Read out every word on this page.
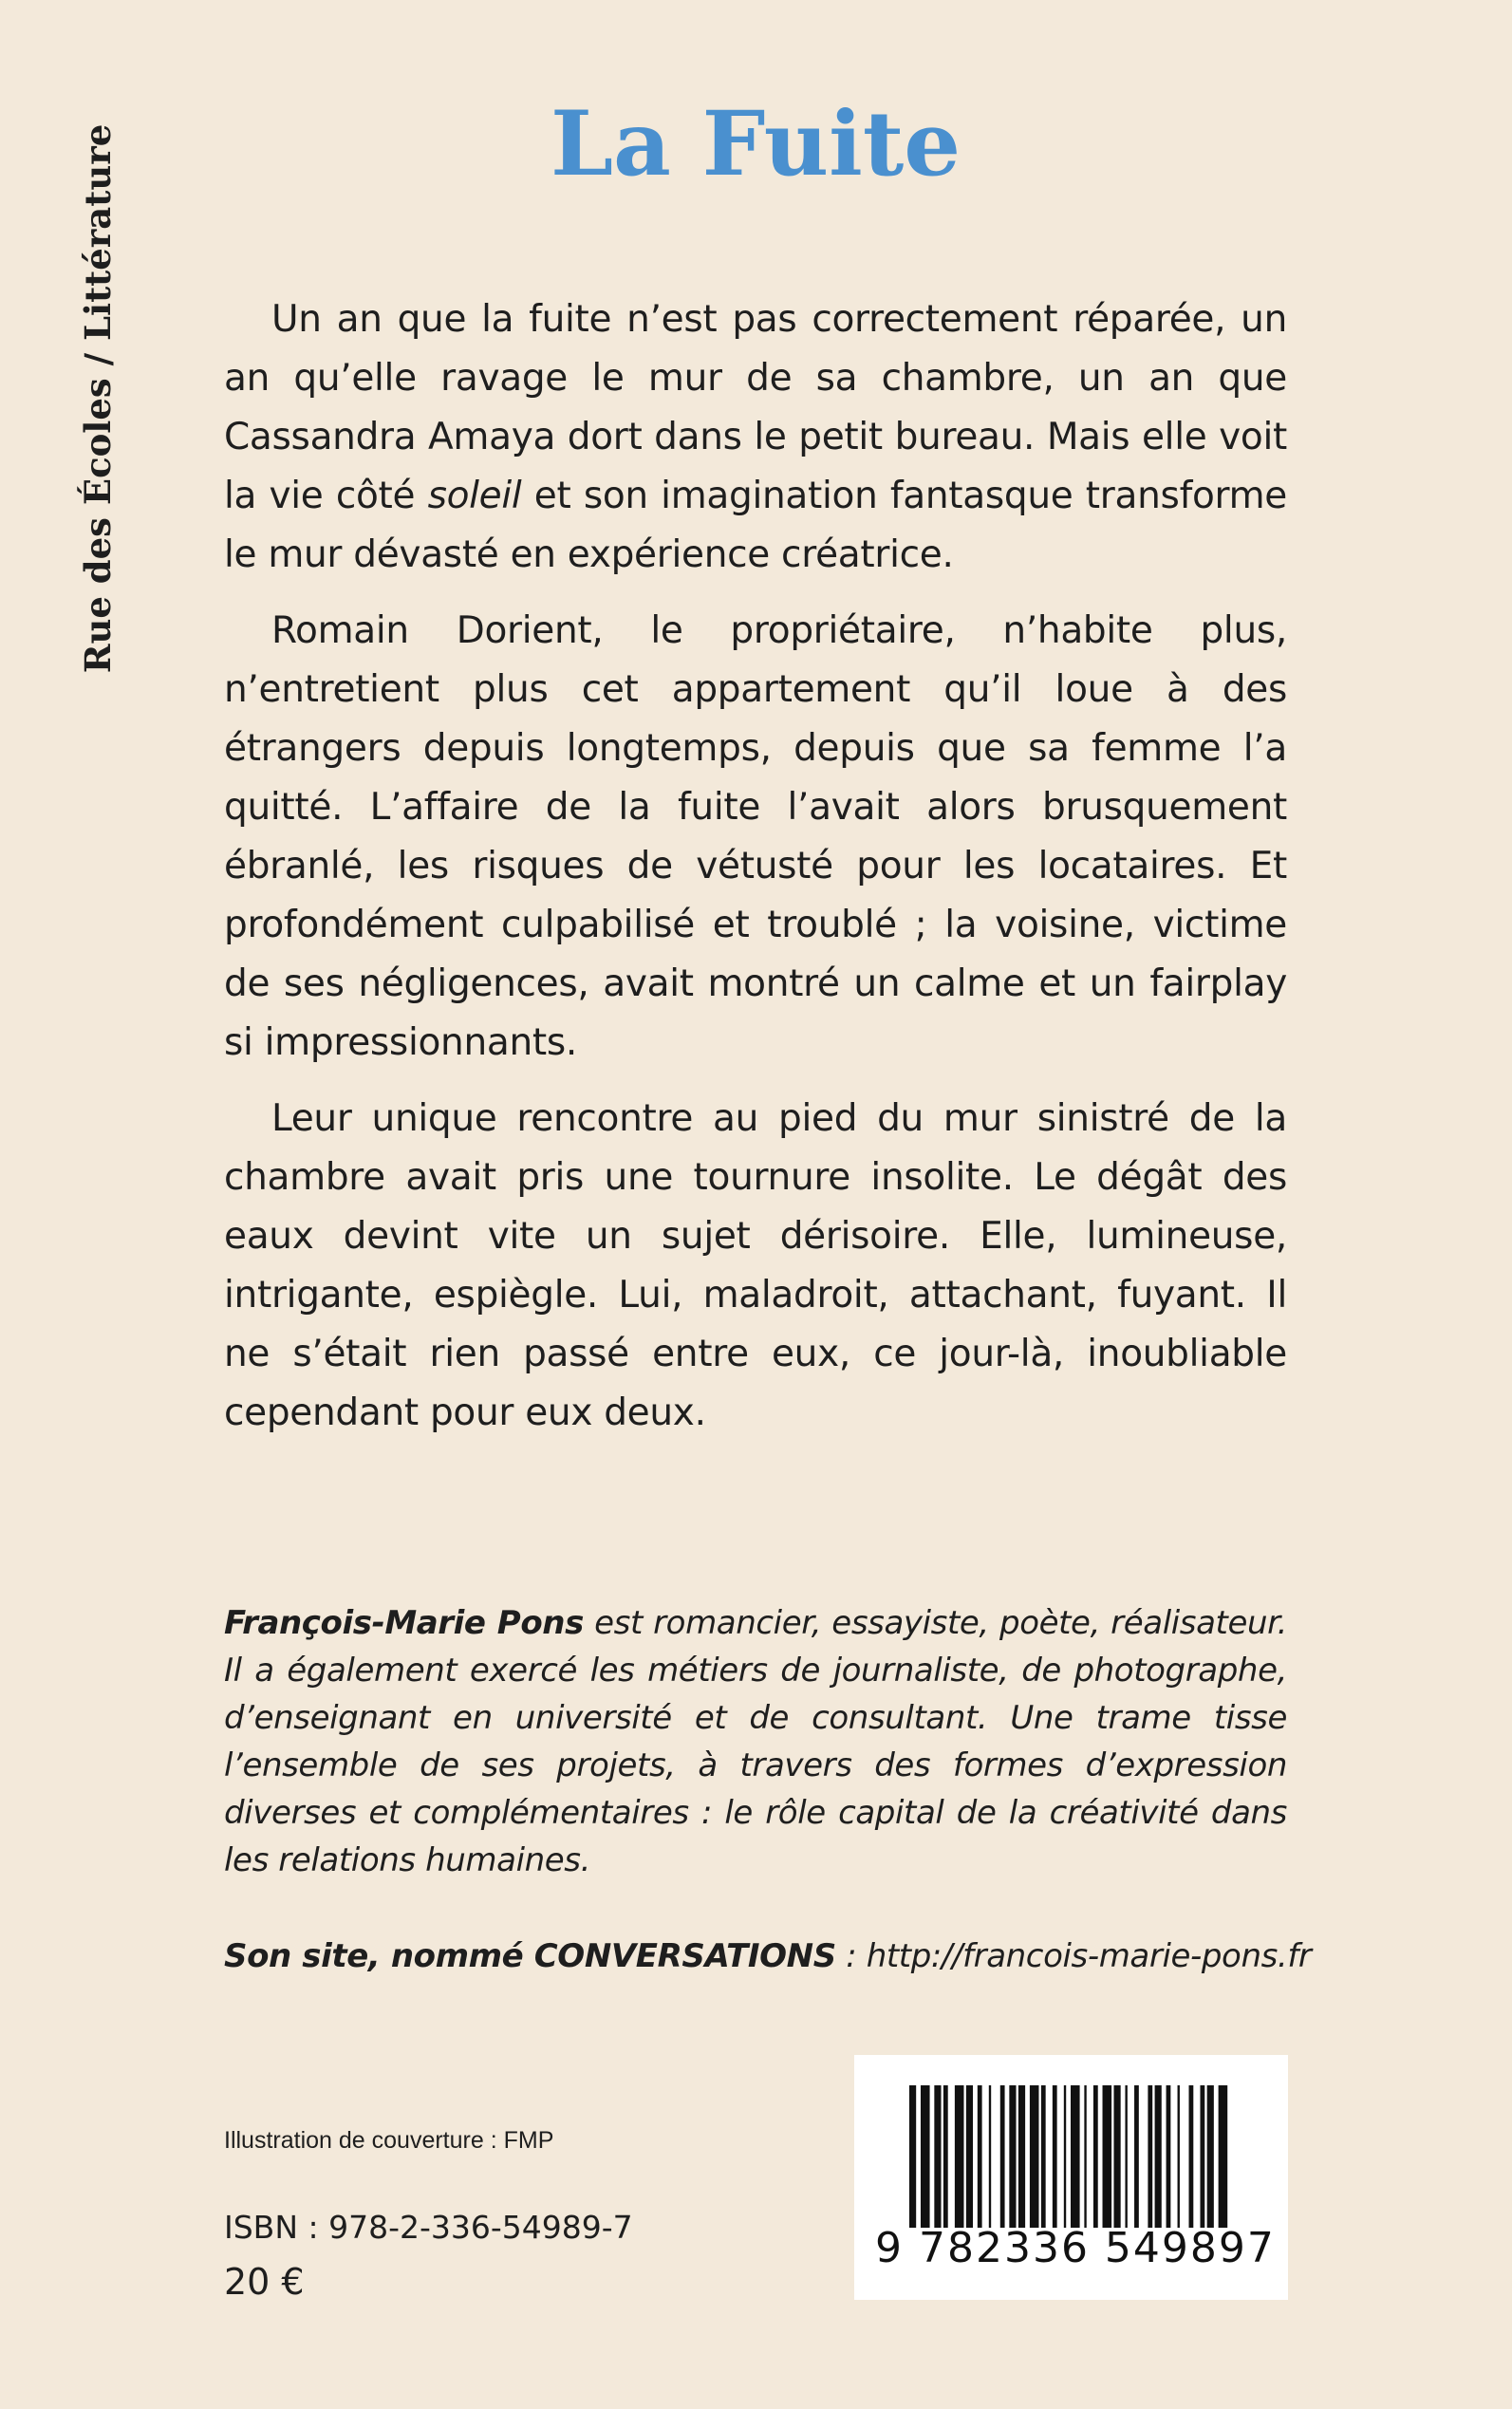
Rue des Écoles / Littérature	La Fuite

Un an que la fuite n’est pas correctement réparée, un an qu’elle ravage le mur de sa chambre, un an que Cassandra Amaya dort dans le petit bureau. Mais elle voit la vie côté soleil et son imagination fantasque transforme le mur dévasté en expérience créatrice.

Romain Dorient, le propriétaire, n’habite plus, n’entretient plus cet appartement qu’il loue à des étrangers depuis longtemps, depuis que sa femme l’a quitté. L’affaire de la fuite l’avait alors brusquement ébranlé, les risques de vétusté pour les locataires. Et profondément culpabilisé et troublé ; la voisine, victime de ses négligences, avait montré un calme et un fairplay si impressionnants.

Leur unique rencontre au pied du mur sinistré de la chambre avait pris une tournure insolite. Le dégât des eaux devint vite un sujet dérisoire. Elle, lumineuse, intrigante, espiègle. Lui, maladroit, attachant, fuyant. Il ne s’était rien passé entre eux, ce jour-là, inoubliable cependant pour eux deux.

François-Marie Pons est romancier, essayiste, poète, réalisateur. Il a également exercé les métiers de journaliste, de photographe, d’enseignant en université et de consultant. Une trame tisse l’ensemble de ses projets, à travers des formes d’expression diverses et complémentaires : le rôle capital de la créativité dans les relations humaines.

Son site, nommé CONVERSATIONS : http://francois-marie-pons.fr
Illustration de couverture : FMP
ISBN : 978-2-336-54989-7
20 €
9 782336 549897
